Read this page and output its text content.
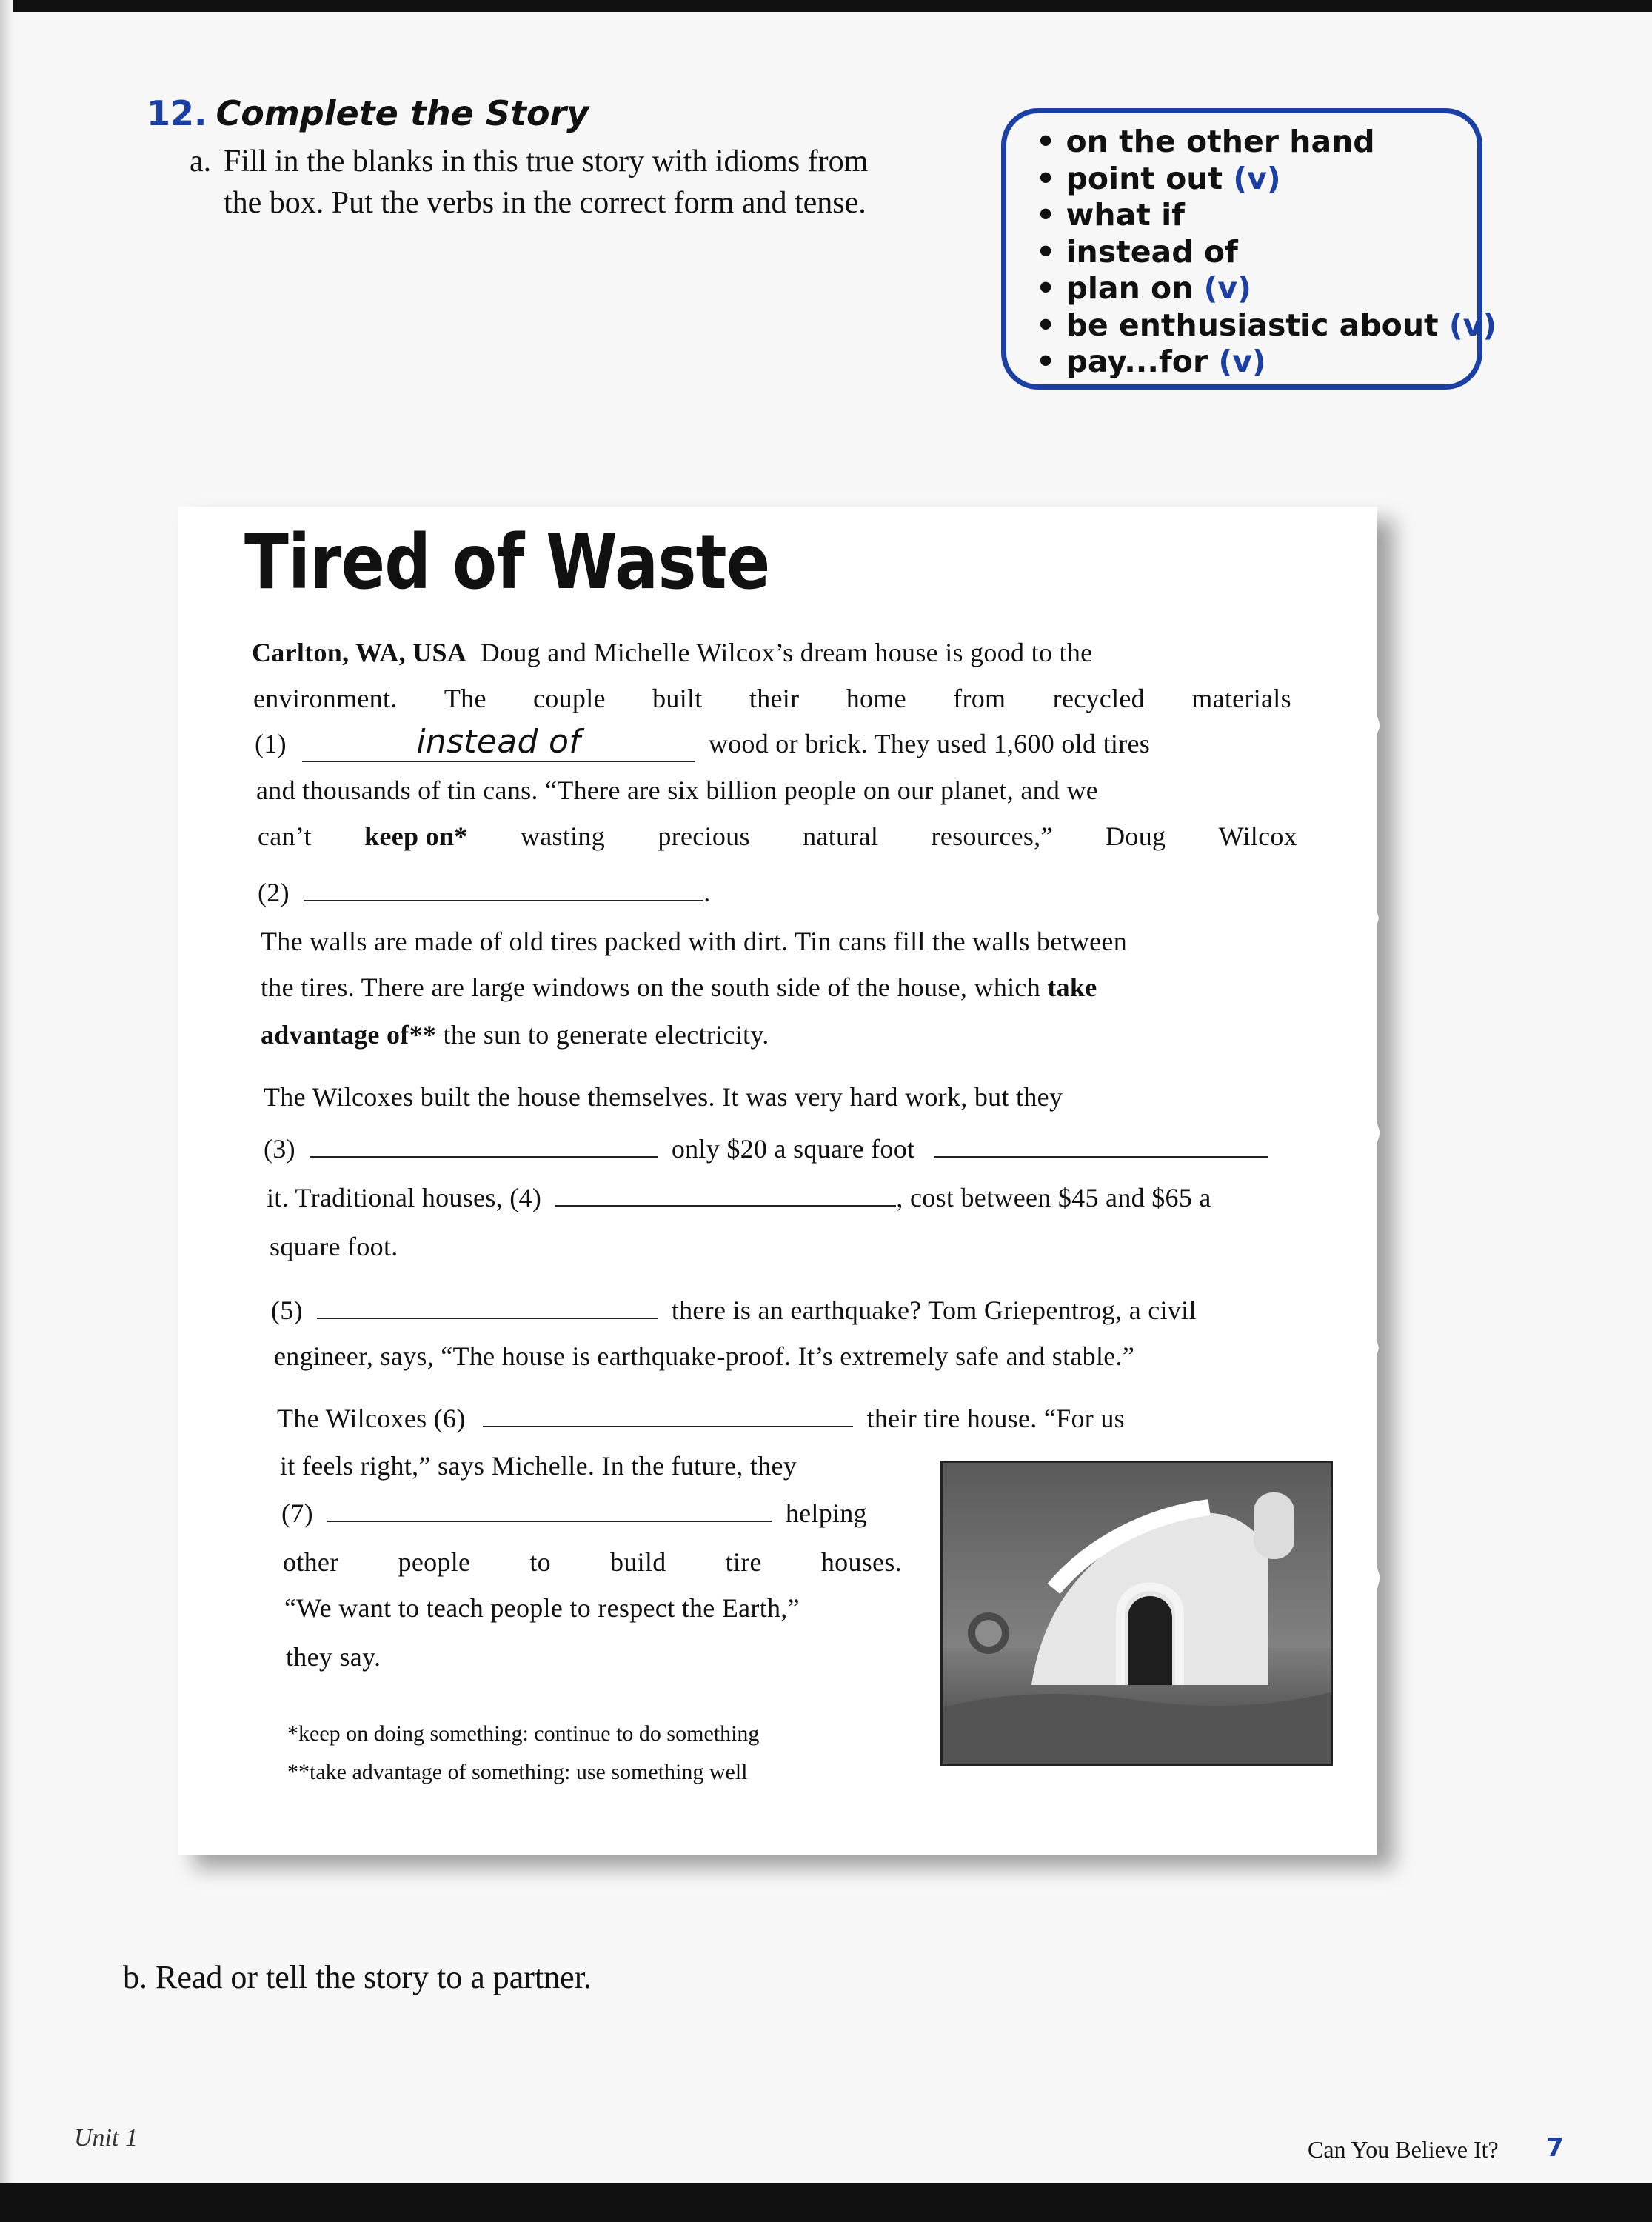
12. Complete the Story
a. Fill in the blanks in this true story with idioms from the box. Put the verbs in the correct form and tense.
• on the other hand
• point out (v)
• what if
• instead of
• plan on (v)
• be enthusiastic about (v)
• pay...for (v)
Tired of Waste
Carlton, WA, USA Doug and Michelle Wilcox’s dream house is good to the
environment. The couple built their home from recycled materials
(1)	instead of	wood or brick. They used 1,600 old tires
and thousands of tin cans. “There are six billion people on our planet, and we
can’t keep on* wasting precious natural resources,” Doug Wilcox
(2)	.
The walls are made of old tires packed with dirt. Tin cans fill the walls between
the tires. There are large windows on the south side of the house, which take
advantage of** the sun to generate electricity.
The Wilcoxes built the house themselves. It was very hard work, but they
(3)	only $20 a square foot
it. Traditional houses, (4)	, cost between $45 and $65 a
square foot.
(5)	there is an earthquake? Tom Griepentrog, a civil
engineer, says, “The house is earthquake-proof. It’s extremely safe and stable.”
The Wilcoxes (6)	their tire house. “For us
it feels right,” says Michelle. In the future, they
(7)	helping
other people to build tire houses.
“We want to teach people to respect the Earth,”
they say.
*keep on doing something: continue to do something
**take advantage of something: use something well
b. Read or tell the story to a partner.
Unit 1	Can You Believe It? 7
